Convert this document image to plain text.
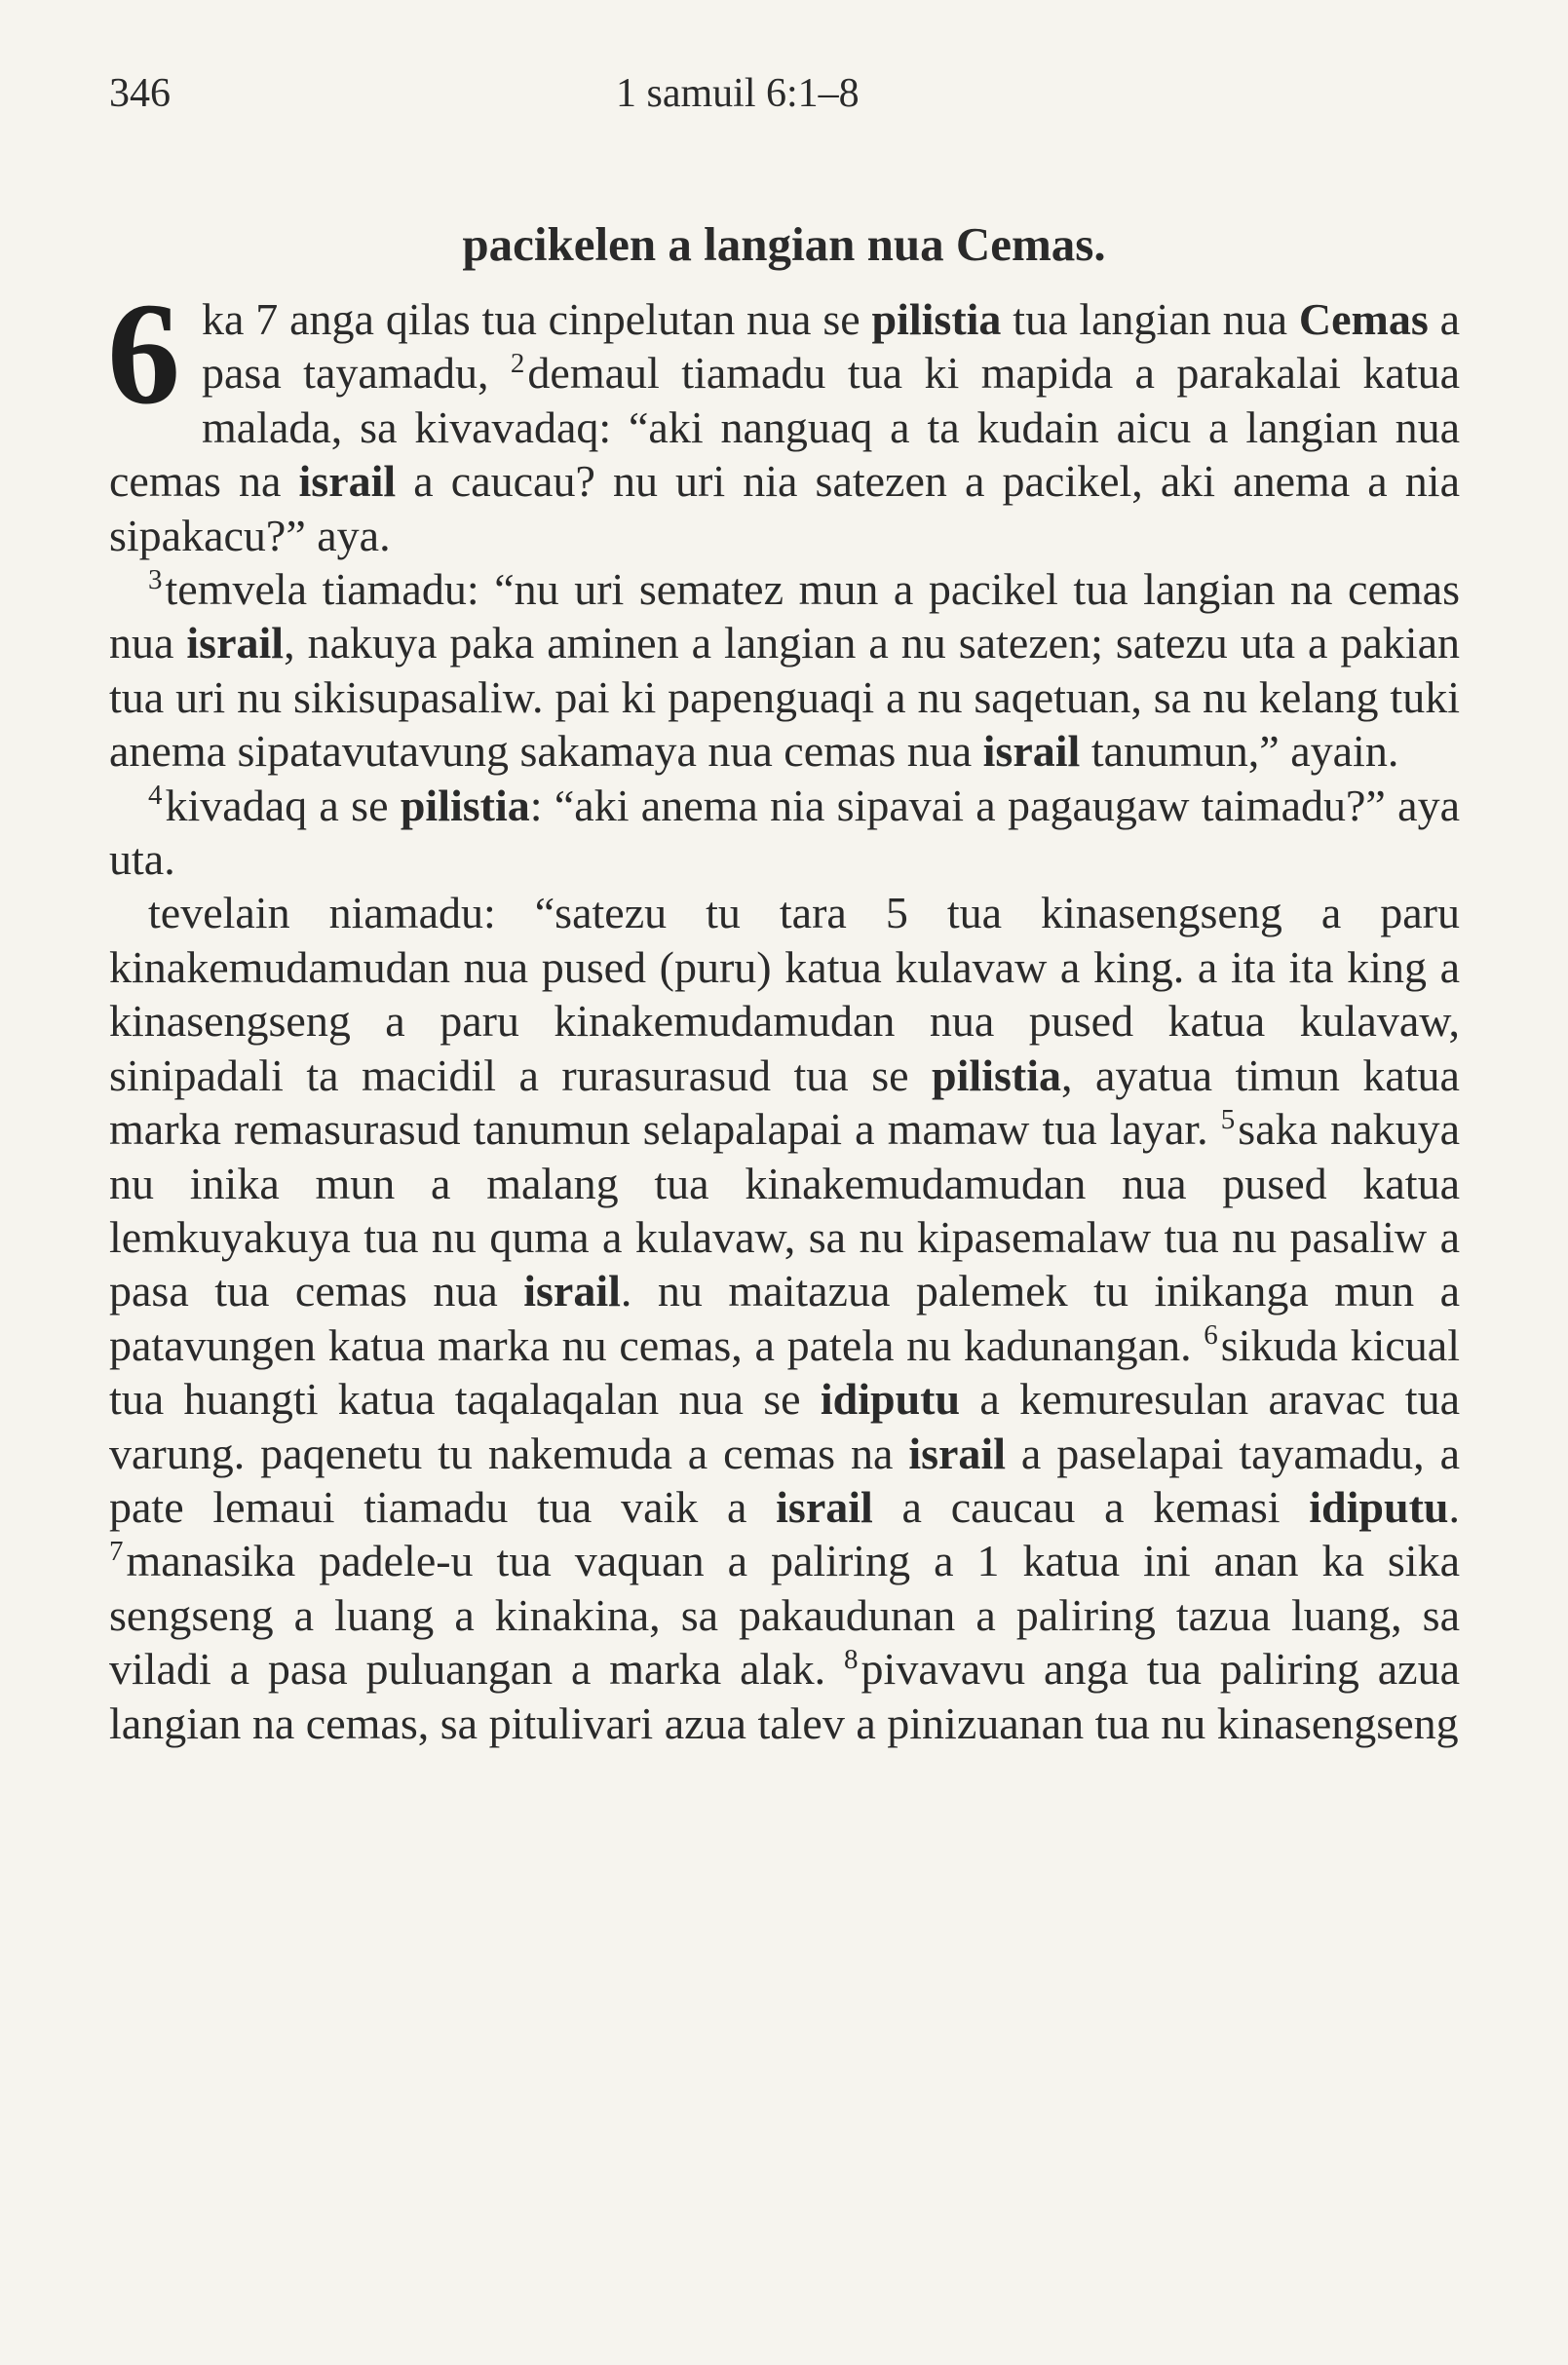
346	1 samuil 6:1–8
pacikelen a langian nua Cemas.

6 ka 7 anga qilas tua cinpelutan nua se pilistia tua langian nua Cemas a pasa tayamadu, $^2$demaul tiamadu tua ki mapida a parakalai katua malada, sa kivavadaq: “aki nanguaq a ta kudain aicu a langian nua cemas na israil a caucau? nu uri nia satezen a pacikel, aki anema a nia sipakacu?” aya.

$^3$temvela tiamadu: “nu uri sematez mun a pacikel tua langian na cemas nua israil, nakuya paka aminen a langian a nu satezen; satezu uta a pakian tua uri nu sikisupasaliw. pai ki papenguaqi a nu saqetuan, sa nu kelang tuki anema sipatavutavung sakamaya nua cemas nua israil tanumun,” ayain.

$^4$kivadaq a se pilistia: “aki anema nia sipavai a pagaugaw taimadu?” aya uta.

tevelain niamadu: “satezu tu tara 5 tua kinasengseng a paru kinakemudamudan nua pused (puru) katua kulavaw a king. a ita ita king a kinasengseng a paru kinakemudamudan nua pused katua kulavaw, sinipadali ta macidil a rurasurasud tua se pilistia, ayatua timun katua marka remasurasud tanumun selapalapai a mamaw tua layar. $^5$saka nakuya nu inika mun a malang tua kinakemudamudan nua pused katua lemkuyakuya tua nu quma a kulavaw, sa nu kipasemalaw tua nu pasaliw a pasa tua cemas nua israil. nu maitazua palemek tu inikanga mun a patavungen katua marka nu cemas, a patela nu kadunangan. $^6$sikuda kicual tua huangti katua taqalaqalan nua se idiputu a kemuresulan aravac tua varung. paqenetu tu nakemuda a cemas na israil a paselapai tayamadu, a pate lemaui tiamadu tua vaik a israil a caucau a kemasi idiputu. $^7$manasika padele-u tua vaquan a paliring a 1 katua ini anan ka sika sengseng a luang a kinakina, sa pakaudunan a paliring tazua luang, sa viladi a pasa puluangan a marka alak. $^8$pivavavu anga tua paliring azua langian na cemas, sa pitulivari azua talev a pinizuanan tua nu kinasengseng
